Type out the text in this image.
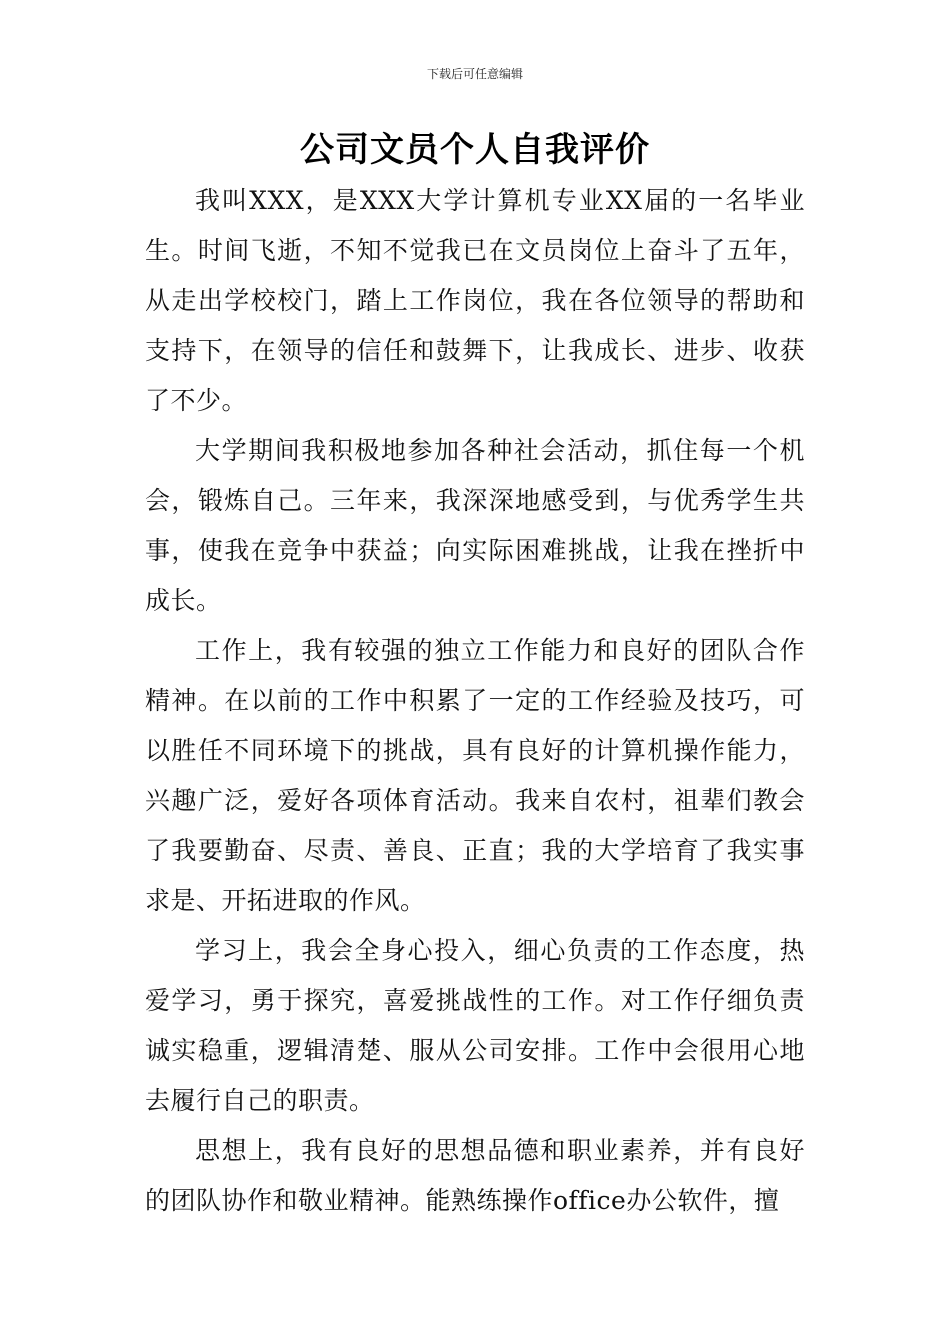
下载后可任意编辑
公司文员个人自我评价

我叫XXX，是XXX大学计算机专业XX届的一名毕业生。时间飞逝，不知不觉我已在文员岗位上奋斗了五年，从走出学校校门，踏上工作岗位，我在各位领导的帮助和支持下，在领导的信任和鼓舞下，让我成长、进步、收获了不少。

大学期间我积极地参加各种社会活动，抓住每一个机会，锻炼自己。三年来，我深深地感受到，与优秀学生共事，使我在竞争中获益；向实际困难挑战，让我在挫折中成长。

工作上，我有较强的独立工作能力和良好的团队合作精神。在以前的工作中积累了一定的工作经验及技巧，可以胜任不同环境下的挑战，具有良好的计算机操作能力，兴趣广泛，爱好各项体育活动。我来自农村，祖辈们教会了我要勤奋、尽责、善良、正直；我的大学培育了我实事求是、开拓进取的作风。

学习上，我会全身心投入，细心负责的工作态度，热爱学习，勇于探究，喜爱挑战性的工作。对工作仔细负责诚实稳重，逻辑清楚、服从公司安排。工作中会很用心地去履行自己的职责。

思想上，我有良好的思想品德和职业素养，并有良好的团队协作和敬业精神。能熟练操作office办公软件，擅
